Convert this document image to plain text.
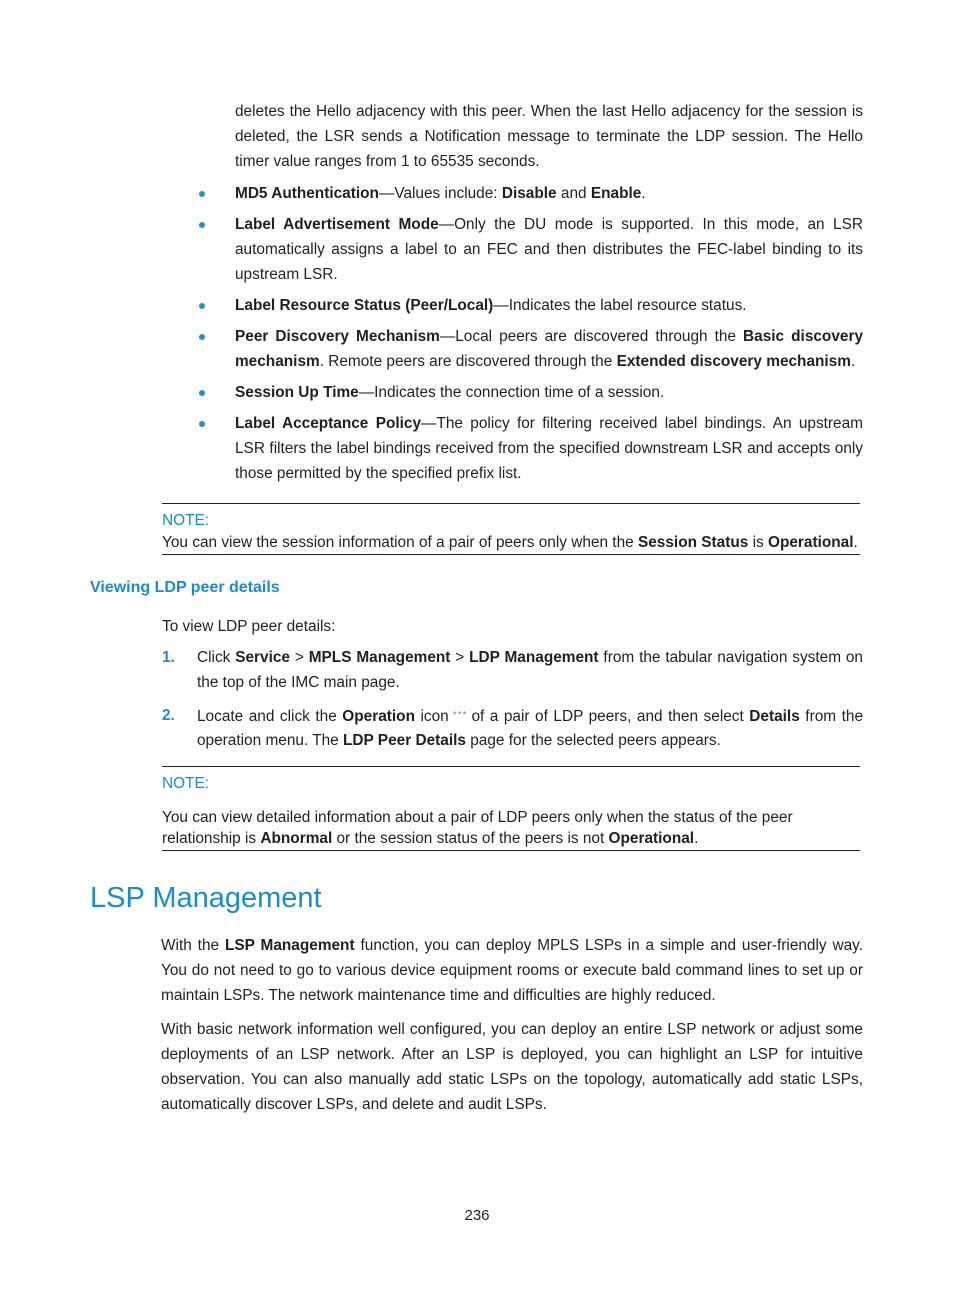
deletes the Hello adjacency with this peer. When the last Hello adjacency for the session is deleted, the LSR sends a Notification message to terminate the LDP session. The Hello timer value ranges from 1 to 65535 seconds.

MD5 Authentication—Values include: Disable and Enable.
Label Advertisement Mode—Only the DU mode is supported. In this mode, an LSR automatically assigns a label to an FEC and then distributes the FEC-label binding to its upstream LSR.
Label Resource Status (Peer/Local)—Indicates the label resource status.
Peer Discovery Mechanism—Local peers are discovered through the Basic discovery mechanism. Remote peers are discovered through the Extended discovery mechanism.
Session Up Time—Indicates the connection time of a session.
Label Acceptance Policy—The policy for filtering received label bindings. An upstream LSR filters the label bindings received from the specified downstream LSR and accepts only those permitted by the specified prefix list.
NOTE:
You can view the session information of a pair of peers only when the Session Status is Operational.
Viewing LDP peer details

To view LDP peer details:

1. Click Service > MPLS Management > LDP Management from the tabular navigation system on the top of the IMC main page.
2. Locate and click the Operation icon *** of a pair of LDP peers, and then select Details from the operation menu. The LDP Peer Details page for the selected peers appears.
NOTE:
You can view detailed information about a pair of LDP peers only when the status of the peer relationship is Abnormal or the session status of the peers is not Operational.
LSP Management

With the LSP Management function, you can deploy MPLS LSPs in a simple and user-friendly way. You do not need to go to various device equipment rooms or execute bald command lines to set up or maintain LSPs. The network maintenance time and difficulties are highly reduced.

With basic network information well configured, you can deploy an entire LSP network or adjust some deployments of an LSP network. After an LSP is deployed, you can highlight an LSP for intuitive observation. You can also manually add static LSPs on the topology, automatically add static LSPs, automatically discover LSPs, and delete and audit LSPs.

236
